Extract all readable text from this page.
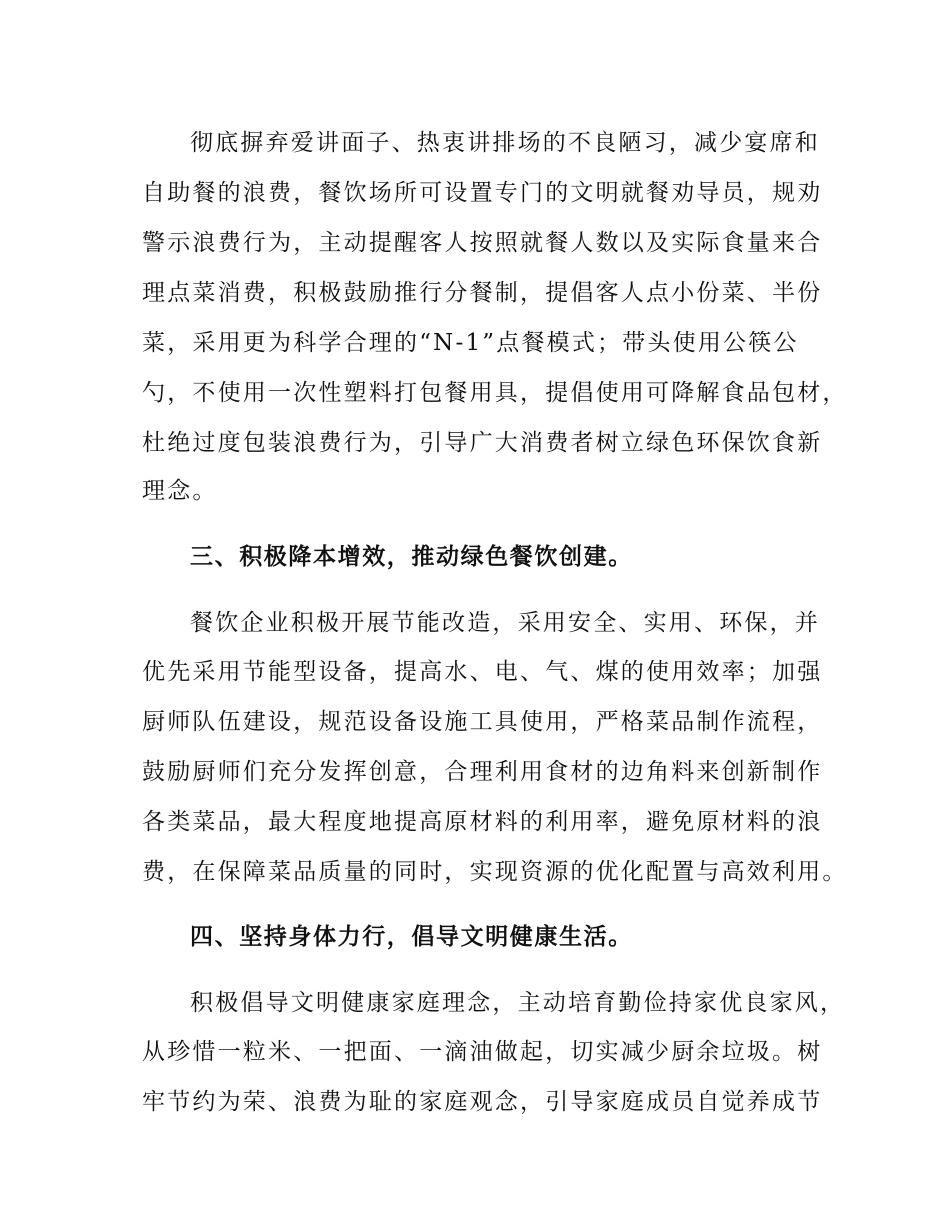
彻底摒弃爱讲面子、热衷讲排场的不良陋习，减少宴席和
自助餐的浪费，餐饮场所可设置专门的文明就餐劝导员，规劝
警示浪费行为，主动提醒客人按照就餐人数以及实际食量来合
理点菜消费，积极鼓励推行分餐制，提倡客人点小份菜、半份
菜，采用更为科学合理的“N-1”点餐模式；带头使用公筷公
勺，不使用一次性塑料打包餐用具，提倡使用可降解食品包材，
杜绝过度包装浪费行为，引导广大消费者树立绿色环保饮食新
理念。
三、积极降本增效，推动绿色餐饮创建。
餐饮企业积极开展节能改造，采用安全、实用、环保，并
优先采用节能型设备，提高水、电、气、煤的使用效率；加强
厨师队伍建设，规范设备设施工具使用，严格菜品制作流程，
鼓励厨师们充分发挥创意，合理利用食材的边角料来创新制作
各类菜品，最大程度地提高原材料的利用率，避免原材料的浪
费，在保障菜品质量的同时，实现资源的优化配置与高效利用。
四、坚持身体力行，倡导文明健康生活。
积极倡导文明健康家庭理念，主动培育勤俭持家优良家风，
从珍惜一粒米、一把面、一滴油做起，切实减少厨余垃圾。树
牢节约为荣、浪费为耻的家庭观念，引导家庭成员自觉养成节
